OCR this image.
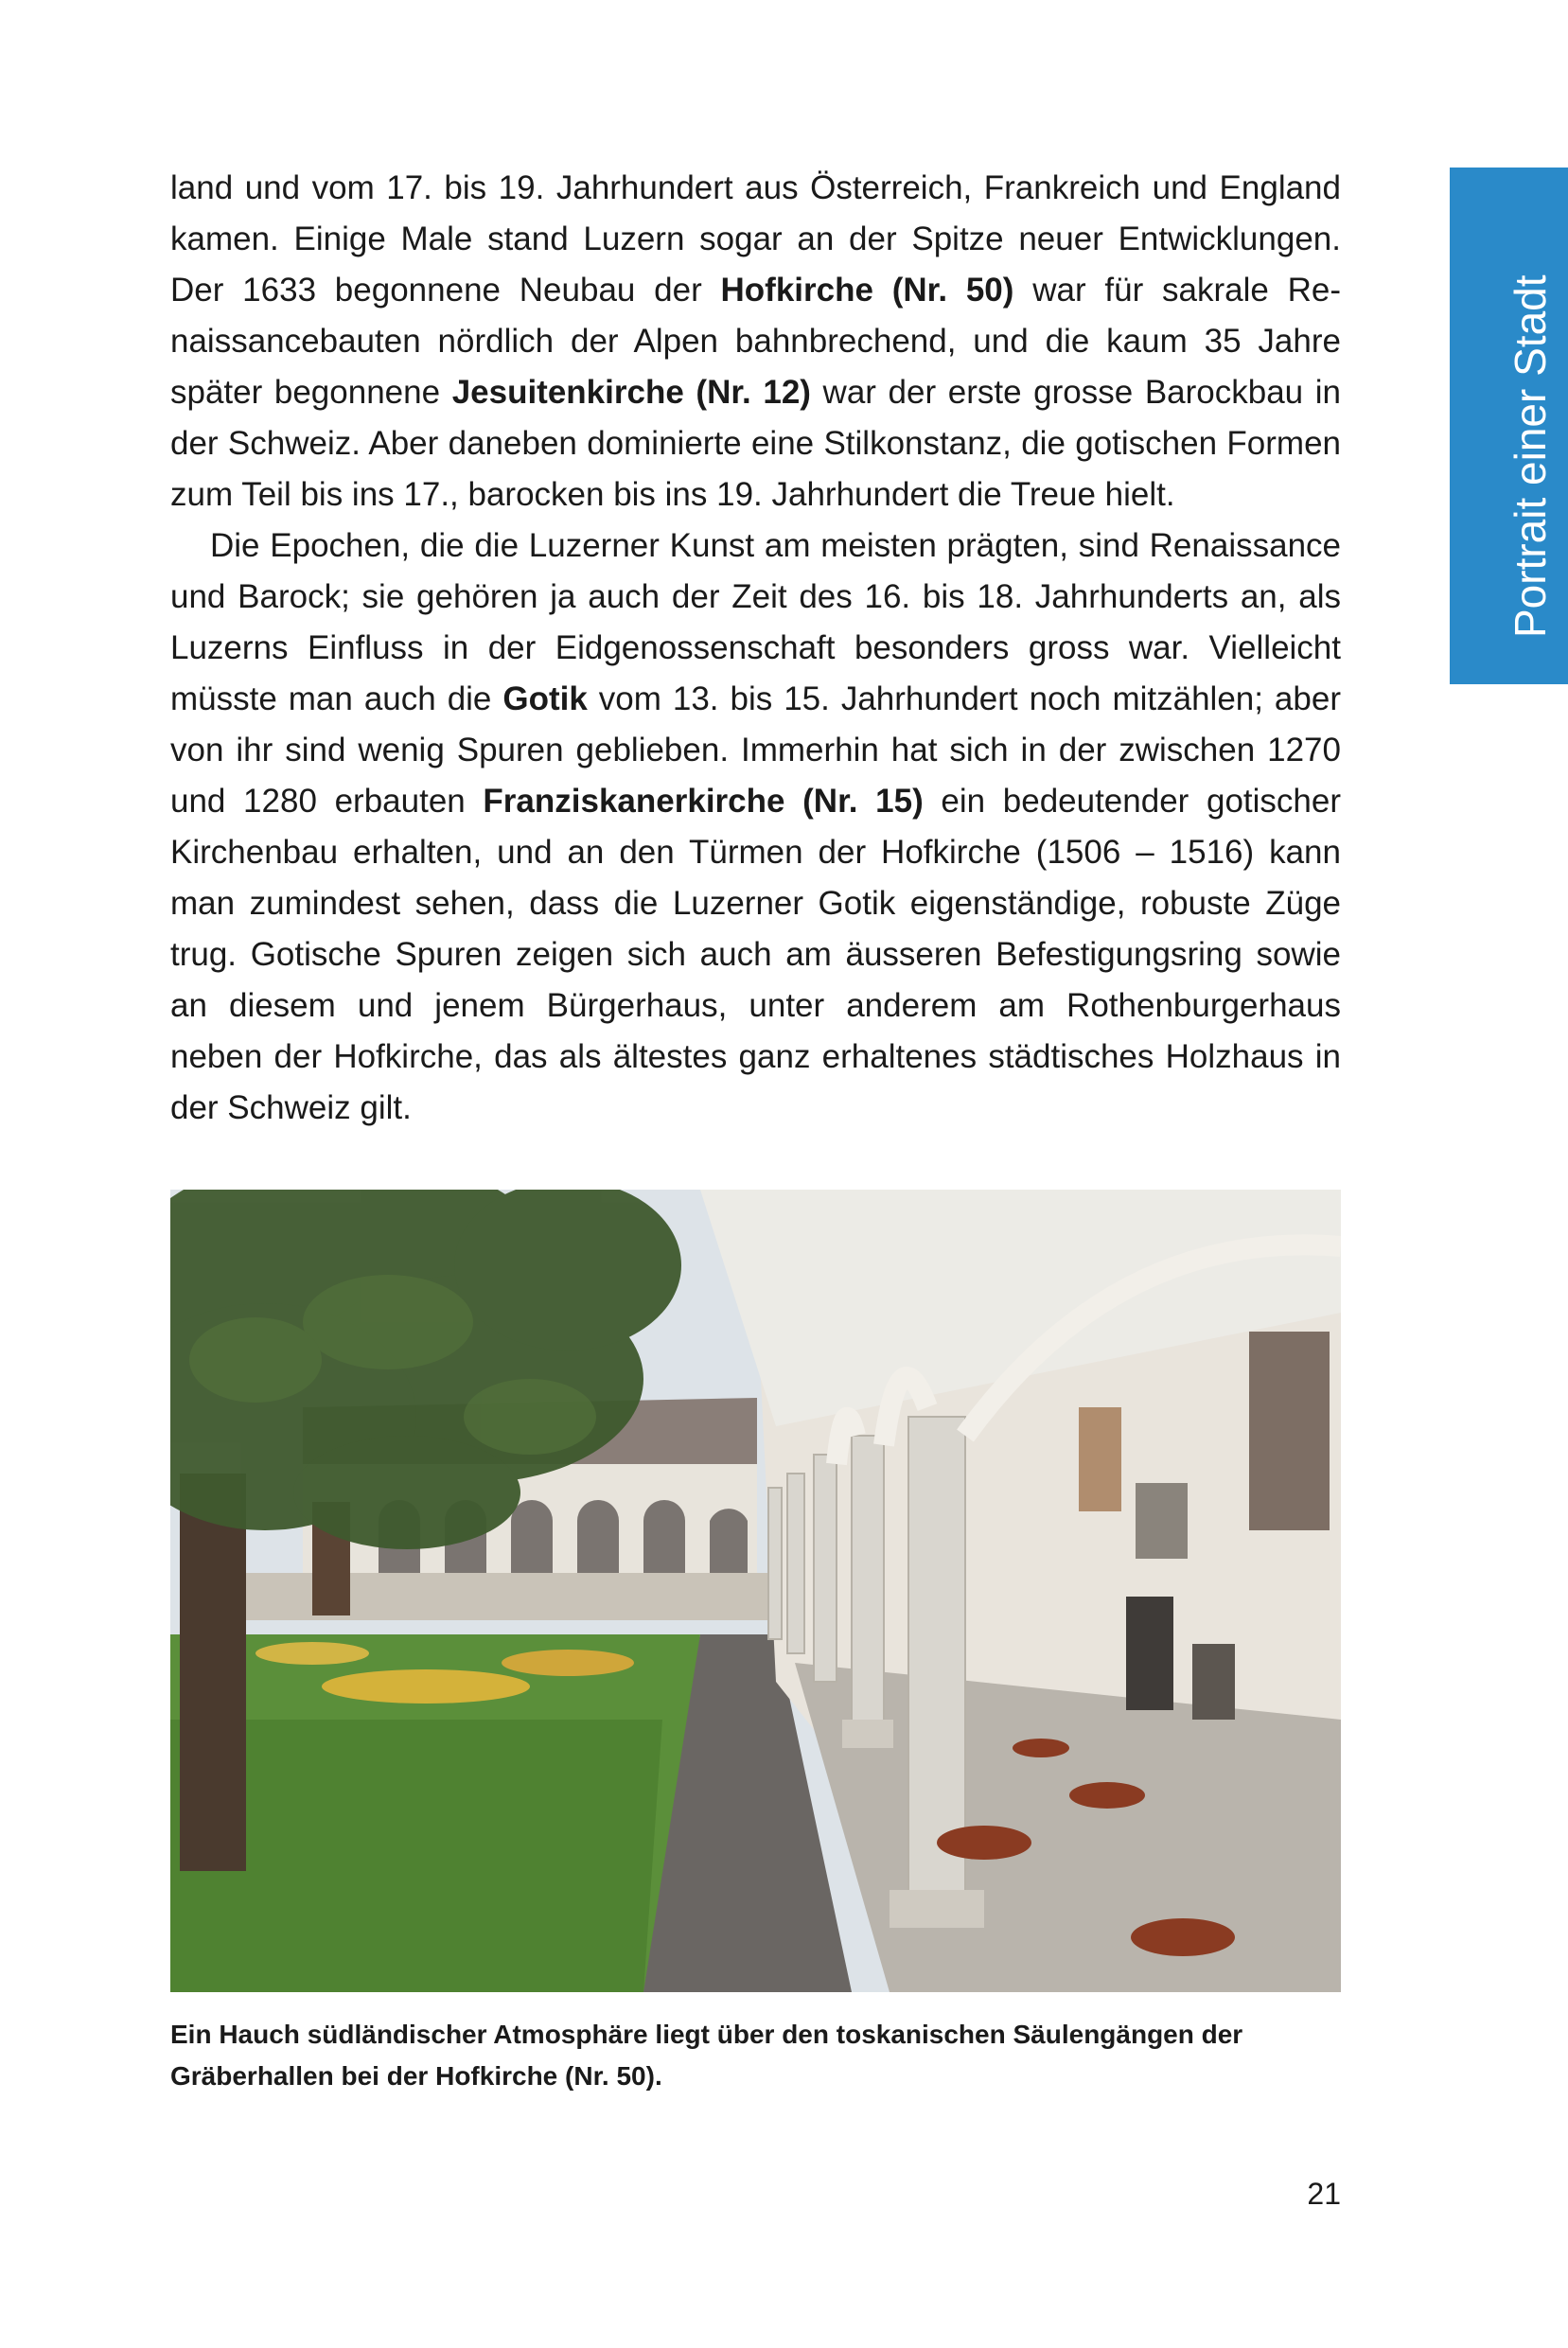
land und vom 17. bis 19. Jahrhundert aus Österreich, Frankreich und England kamen. Einige Male stand Luzern sogar an der Spitze neuer Entwicklungen. Der 1633 begonnene Neubau der Hofkirche (Nr. 50) war für sakrale Renaissancebauten nördlich der Alpen bahnbrechend, und die kaum 35 Jahre später begonnene Jesuitenkirche (Nr. 12) war der erste grosse Barockbau in der Schweiz. Aber daneben dominierte eine Stilkonstanz, die gotischen Formen zum Teil bis ins 17., barocken bis ins 19. Jahrhundert die Treue hielt.

Die Epochen, die die Luzerner Kunst am meisten prägten, sind Renaissance und Barock; sie gehören ja auch der Zeit des 16. bis 18. Jahrhunderts an, als Luzerns Einfluss in der Eidgenossenschaft besonders gross war. Vielleicht müsste man auch die Gotik vom 13. bis 15. Jahrhundert noch mitzählen; aber von ihr sind wenig Spuren geblieben. Immerhin hat sich in der zwischen 1270 und 1280 erbauten Franziskanerkirche (Nr. 15) ein bedeutender gotischer Kirchenbau erhalten, und an den Türmen der Hofkirche (1506 – 1516) kann man zumindest sehen, dass die Luzerner Gotik eigenständige, robuste Züge trug. Gotische Spuren zeigen sich auch am äusseren Befestigungsring sowie an diesem und jenem Bürgerhaus, unter anderem am Rothenburgerhaus neben der Hofkirche, das als ältestes ganz erhaltenes städtisches Holzhaus in der Schweiz gilt.

Portrait einer Stadt
Ein Hauch südländischer Atmosphäre liegt über den toskanischen Säulengängen der Gräberhallen bei der Hofkirche (Nr. 50).
21
